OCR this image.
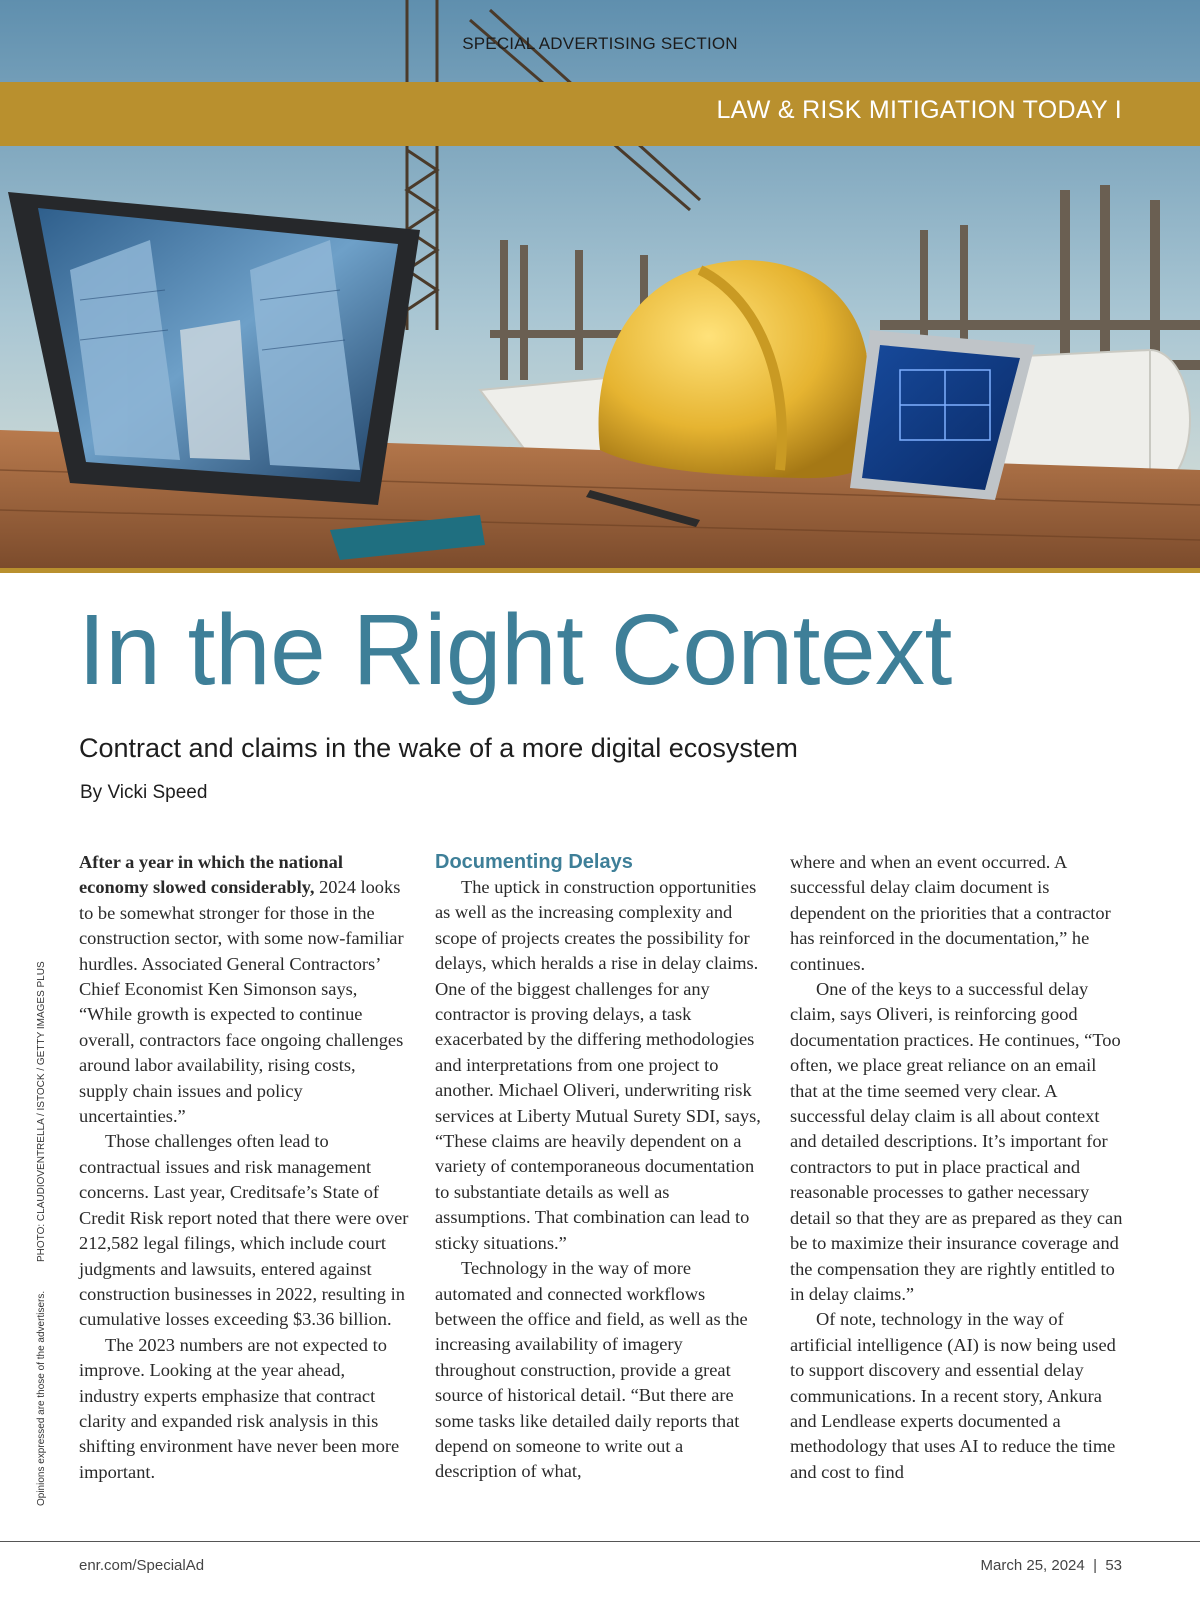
SPECIAL ADVERTISING SECTION
LAW & RISK MITIGATION TODAY I
In the Right Context
Contract and claims in the wake of a more digital ecosystem
By Vicki Speed

After a year in which the national economy slowed considerably, 2024 looks to be somewhat stronger for those in the construction sector, with some now-familiar hurdles. Associated General Contractors’ Chief Economist Ken Simonson says, “While growth is expected to continue overall, contractors face ongoing challenges around labor availability, rising costs, supply chain issues and policy uncertainties.”

Those challenges often lead to contractual issues and risk management concerns. Last year, Creditsafe’s State of Credit Risk report noted that there were over 212,582 legal filings, which include court judgments and lawsuits, entered against construction businesses in 2022, resulting in cumulative losses exceeding $3.36 billion.

The 2023 numbers are not expected to improve. Looking at the year ahead, industry experts emphasize that contract clarity and expanded risk analysis in this shifting environment have never been more important.

Documenting Delays

The uptick in construction opportunities as well as the increasing complexity and scope of projects creates the possibility for delays, which heralds a rise in delay claims. One of the biggest challenges for any contractor is proving delays, a task exacerbated by the differing methodologies and interpretations from one project to another. Michael Oliveri, underwriting risk services at Liberty Mutual Surety SDI, says, “These claims are heavily dependent on a variety of contemporaneous documentation to substantiate details as well as assumptions. That combination can lead to sticky situations.”

Technology in the way of more automated and connected workflows between the office and field, as well as the increasing availability of imagery throughout construction, provide a great source of historical detail. “But there are some tasks like detailed daily reports that depend on someone to write out a description of what,

where and when an event occurred. A successful delay claim document is dependent on the priorities that a contractor has reinforced in the documentation,” he continues.

One of the keys to a successful delay claim, says Oliveri, is reinforcing good documentation practices. He continues, “Too often, we place great reliance on an email that at the time seemed very clear. A successful delay claim is all about context and detailed descriptions. It’s important for contractors to put in place practical and reasonable processes to gather necessary detail so that they are as prepared as they can be to maximize their insurance coverage and the compensation they are rightly entitled to in delay claims.”

Of note, technology in the way of artificial intelligence (AI) is now being used to support discovery and essential delay communications. In a recent story, Ankura and Lendlease experts documented a methodology that uses AI to reduce the time and cost to find

PHOTO: CLAUDIOVENTRELLA / ISTOCK / GETTY IMAGES PLUS
Opinions expressed are those of the advertisers.
enr.com/SpecialAd	March 25, 2024  |  53
